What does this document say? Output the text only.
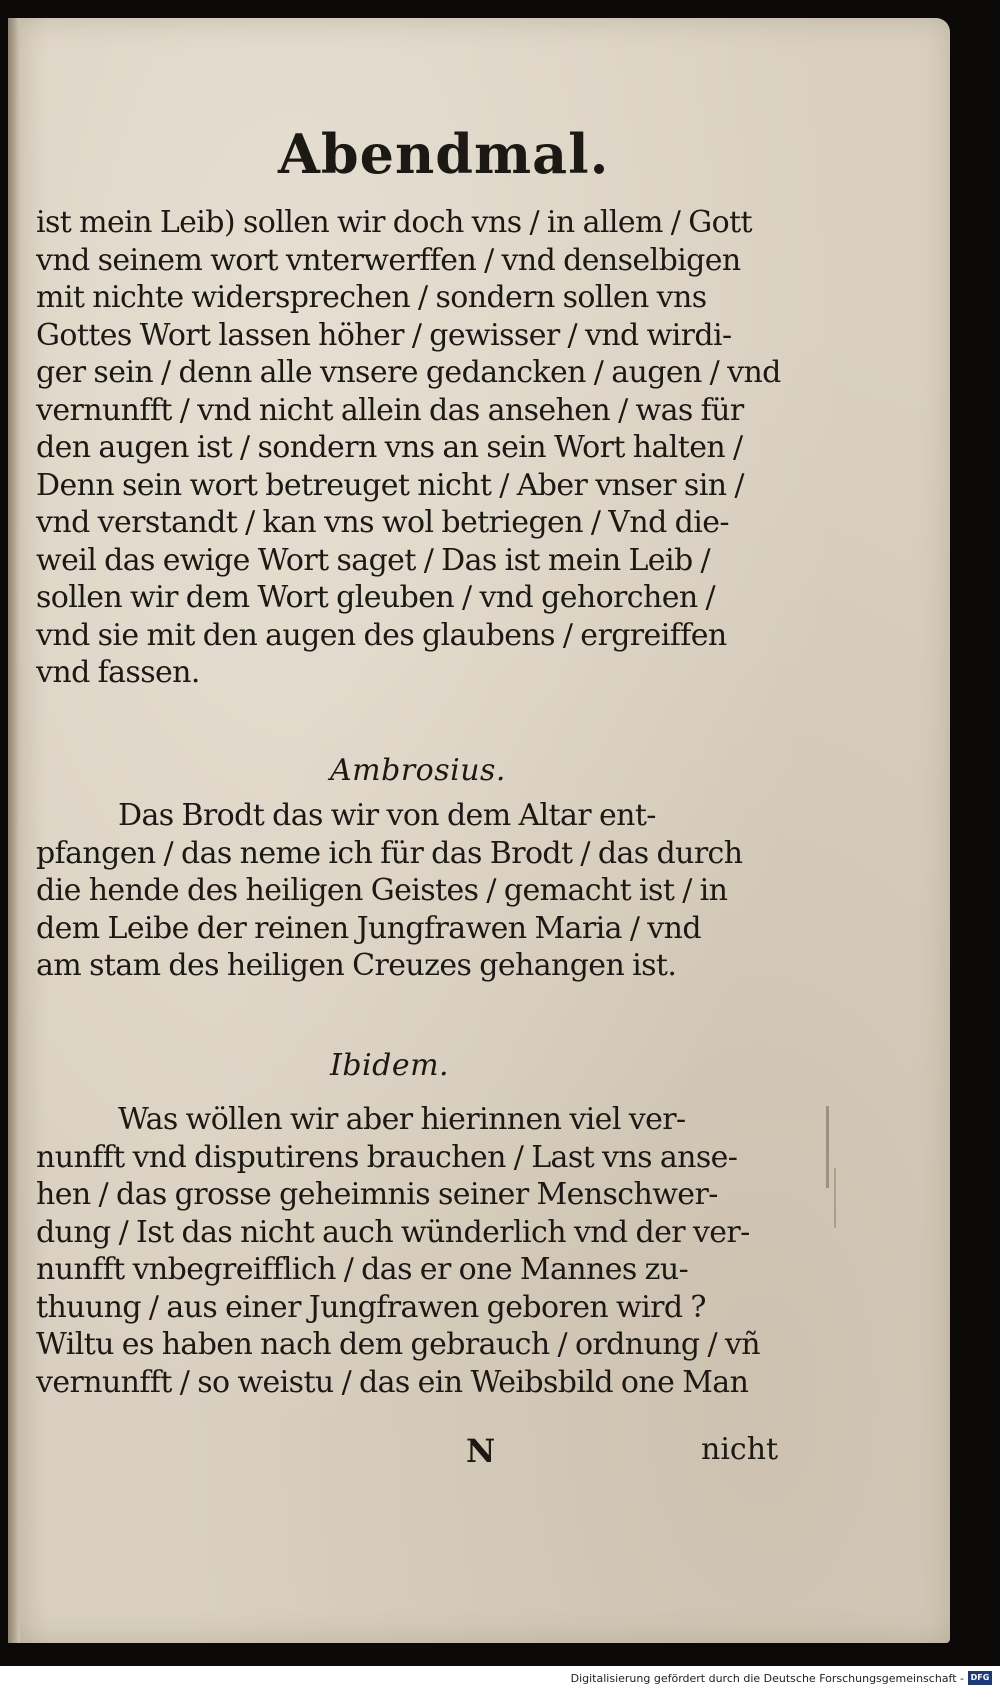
Abendmal.
ist mein Leib) sollen wir doch vns / in allem / Gott
vnd seinem wort vnterwerffen / vnd denselbigen
mit nichte widersprechen / sondern sollen vns
Gottes Wort lassen höher / gewisser / vnd wirdi-
ger sein / denn alle vnsere gedancken / augen / vnd
vernunfft / vnd nicht allein das ansehen / was für
den augen ist / sondern vns an sein Wort halten /
Denn sein wort betreuget nicht / Aber vnser sin /
vnd verstandt / kan vns wol betriegen / Vnd die-
weil das ewige Wort saget / Das ist mein Leib /
sollen wir dem Wort gleuben / vnd gehorchen /
vnd sie mit den augen des glaubens / ergreiffen
vnd fassen.
Ambrosius.
Das Brodt das wir von dem Altar ent-
pfangen / das neme ich für das Brodt / das durch
die hende des heiligen Geistes / gemacht ist / in
dem Leibe der reinen Jungfrawen Maria / vnd
am stam des heiligen Creuzes gehangen ist.
Ibidem.
Was wöllen wir aber hierinnen viel ver-
nunfft vnd disputirens brauchen / Last vns anse-
hen / das grosse geheimnis seiner Menschwer-
dung / Ist das nicht auch wünderlich vnd der ver-
nunfft vnbegreifflich / das er one Mannes zu-
thuung / aus einer Jungfrawen geboren wird ?
Wiltu es haben nach dem gebrauch / ordnung / vñ
vernunfft / so weistu / das ein Weibsbild one Man
N	nicht
Digitalisierung gefördert durch die Deutsche Forschungsgemeinschaft - DFG
